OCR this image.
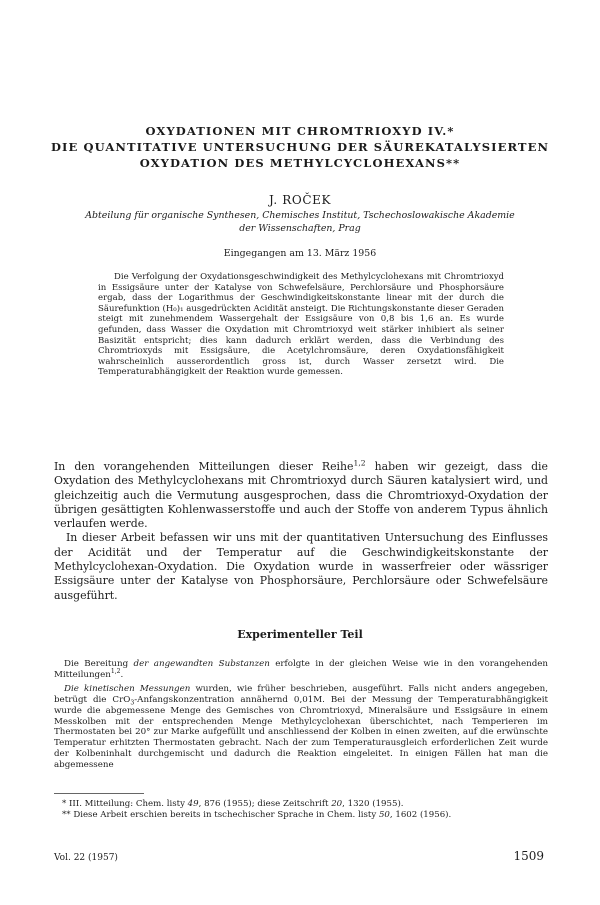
OXYDATIONEN MIT CHROMTRIOXYD IV.*
DIE QUANTITATIVE UNTERSUCHUNG DER SÄUREKATALYSIERTEN
OXYDATION DES METHYLCYCLOHEXANS**
J. ROČEK
Abteilung für organische Synthesen, Chemisches Institut, Tschechoslowakische Akademie
der Wissenschaften, Prag
Eingegangen am 13. März 1956

Die Verfolgung der Oxydationsgeschwindigkeit des Methylcyclohexans mit Chromtrioxyd in Essigsäure unter der Katalyse von Schwefelsäure, Perchlorsäure und Phosphorsäure ergab, dass der Logarithmus der Geschwindigkeitskonstante linear mit der durch die Säurefunktion (H₀)₁ ausgedrückten Acidität ansteigt. Die Richtungskonstante dieser Geraden steigt mit zunehmendem Wassergehalt der Essigsäure von 0,8 bis 1,6 an. Es wurde gefunden, dass Wasser die Oxydation mit Chromtrioxyd weit stärker inhibiert als seiner Basizität entspricht; dies kann dadurch erklärt werden, dass die Verbindung des Chromtrioxyds mit Essigsäure, die Acetylchromsäure, deren Oxydationsfähigkeit wahrscheinlich ausserordentlich gross ist, durch Wasser zersetzt wird. Die Temperaturabhängigkeit der Reaktion wurde gemessen.

In den vorangehenden Mitteilungen dieser Reihe$^{1,2}$ haben wir gezeigt, dass die Oxydation des Methylcyclohexans mit Chromtrioxyd durch Säuren katalysiert wird, und gleichzeitig auch die Vermutung ausgesprochen, dass die Chromtrioxyd-Oxydation der übrigen gesättigten Kohlenwasserstoffe und auch der Stoffe von anderem Typus ähnlich verlaufen werde.

In dieser Arbeit befassen wir uns mit der quantitativen Untersuchung des Einflusses der Acidität und der Temperatur auf die Geschwindigkeitskonstante der Methylcyclohexan-Oxydation. Die Oxydation wurde in wasserfreier oder wässriger Essigsäure unter der Katalyse von Phosphorsäure, Perchlorsäure oder Schwefelsäure ausgeführt.

Experimenteller Teil

Die Bereitung der angewandten Substanzen erfolgte in der gleichen Weise wie in den vorangehenden Mitteilungen$^{1,2}$.

Die kinetischen Messungen wurden, wie früher beschrieben, ausgeführt. Falls nicht anders angegeben, betrügt die CrO$_3$-Anfangskonzentration annähernd 0,01M. Bei der Messung der Temperaturabhängigkeit wurde die abgemessene Menge des Gemisches von Chromtrioxyd, Mineralsäure und Essigsäure in einem Messkolben mit der entsprechenden Menge Methylcyclohexan überschichtet, nach Temperieren im Thermostaten bei 20° zur Marke aufgefüllt und anschliessend der Kolben in einen zweiten, auf die erwünschte Temperatur erhitzten Thermostaten gebracht. Nach der zum Temperaturausgleich erforderlichen Zeit wurde der Kolbeninhalt durchgemischt und dadurch die Reaktion eingeleitet. In einigen Fällen hat man die abgemessene

* III. Mitteilung: Chem. listy 49, 876 (1955); diese Zeitschrift 20, 1320 (1955).
** Diese Arbeit erschien bereits in tschechischer Sprache in Chem. listy 50, 1602 (1956).
Vol. 22 (1957)	1509
